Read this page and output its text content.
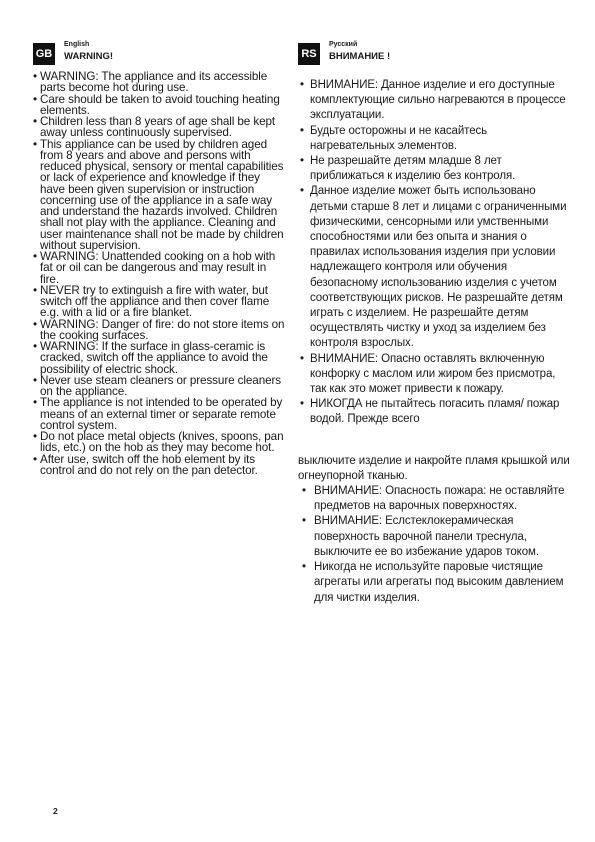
GB
English
WARNING!
• WARNING: The appliance and its accessible parts become hot during use.
• Care should be taken to avoid touching heating elements.
• Children less than 8 years of age shall be kept away unless continuously supervised.
• This appliance can be used by children aged from 8 years and above and persons with reduced physical, sensory or mental capabilities or lack of experience and knowledge if they have been given supervision or instruction concerning use of the appliance in a safe way and understand the hazards involved. Children shall not play with the appliance. Cleaning and user maintenance shall not be made by children without supervision.
• WARNING: Unattended cooking on a hob with fat or oil can be dangerous and may result in fire.
• NEVER try to extinguish a fire with water, but switch off the appliance and then cover flame e.g. with a lid or a fire blanket.
• WARNING: Danger of fire: do not store items on the cooking surfaces.
• WARNING: If the surface in glass-ceramic is cracked, switch off the appliance to avoid the possibility of electric shock.
• Never use steam cleaners or pressure cleaners on the appliance.
• The appliance is not intended to be operated by means of an external timer or separate remote control system.
• Do not place metal objects (knives, spoons, pan lids, etc.) on the hob as they may become hot.
• After use, switch off the hob element by its control and do not rely on the pan detector.
RS
Русский
ВНИМАНИЕ !
• ВНИМАНИЕ: Данное изделие и его доступные комплектующие сильно нагреваются в процессе эксплуатации.
• Будьте осторожны и не касайтесь нагревательных элементов.
• Не разрешайте детям младше 8 лет приближаться к изделию без контроля.
• Данное изделие может быть использовано детьми старше 8 лет и лицами с ограниченными физическими, сенсорными или умственными способностями или без опыта и знания о правилах использования изделия при условии надлежащего контроля или обучения безопасному использованию изделия с учетом соответствующих рисков. Не разрешайте детям играть с изделием. Не разрешайте детям осуществлять чистку и уход за изделием без контроля взрослых.
• ВНИМАНИЕ: Опасно оставлять включенную конфорку с маслом или жиром без присмотра, так как это может привести к пожару.
• НИКОГДА не пытайтесь погасить пламя/ пожар водой. Прежде всего
выключите изделие и накройте пламя крышкой или огнеупорной тканью.
• ВНИМАНИЕ: Опасность пожара: не оставляйте предметов на варочных поверхностях.
• ВНИМАНИЕ: Еслстеклокерамическая поверхность варочной панели треснула, выключите ее во избежание ударов током.
• Никогда не используйте паровые чистящие агрегаты или агрегаты под высоким давлением для чистки изделия.
2
